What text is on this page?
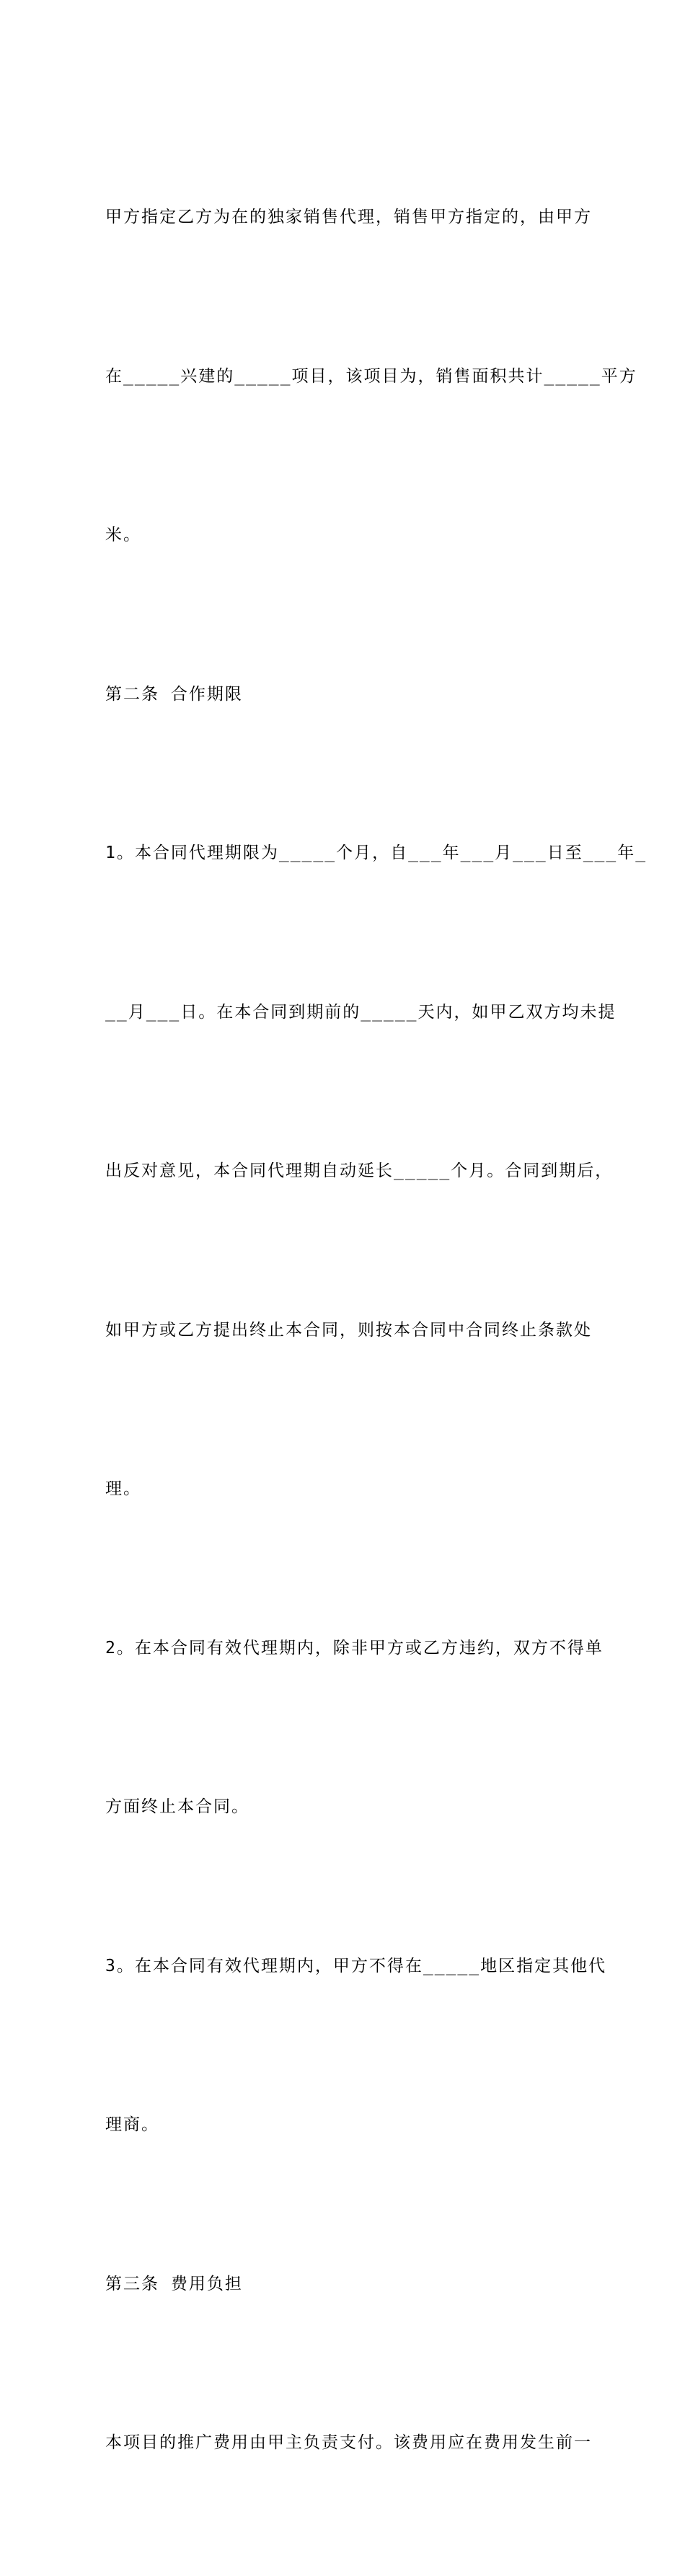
甲方指定乙方为在的独家销售代理，销售甲方指定的，由甲方

在_____兴建的_____项目，该项目为，销售面积共计_____平方

米。

第二条 合作期限

1。本合同代理期限为_____个月，自___年___月___日至___年_

__月___日。在本合同到期前的_____天内，如甲乙双方均未提

出反对意见，本合同代理期自动延长_____个月。合同到期后，

如甲方或乙方提出终止本合同，则按本合同中合同终止条款处

理。

2。在本合同有效代理期内，除非甲方或乙方违约，双方不得单

方面终止本合同。

3。在本合同有效代理期内，甲方不得在_____地区指定其他代

理商。

第三条 费用负担

本项目的推广费用由甲主负责支付。该费用应在费用发生前一
